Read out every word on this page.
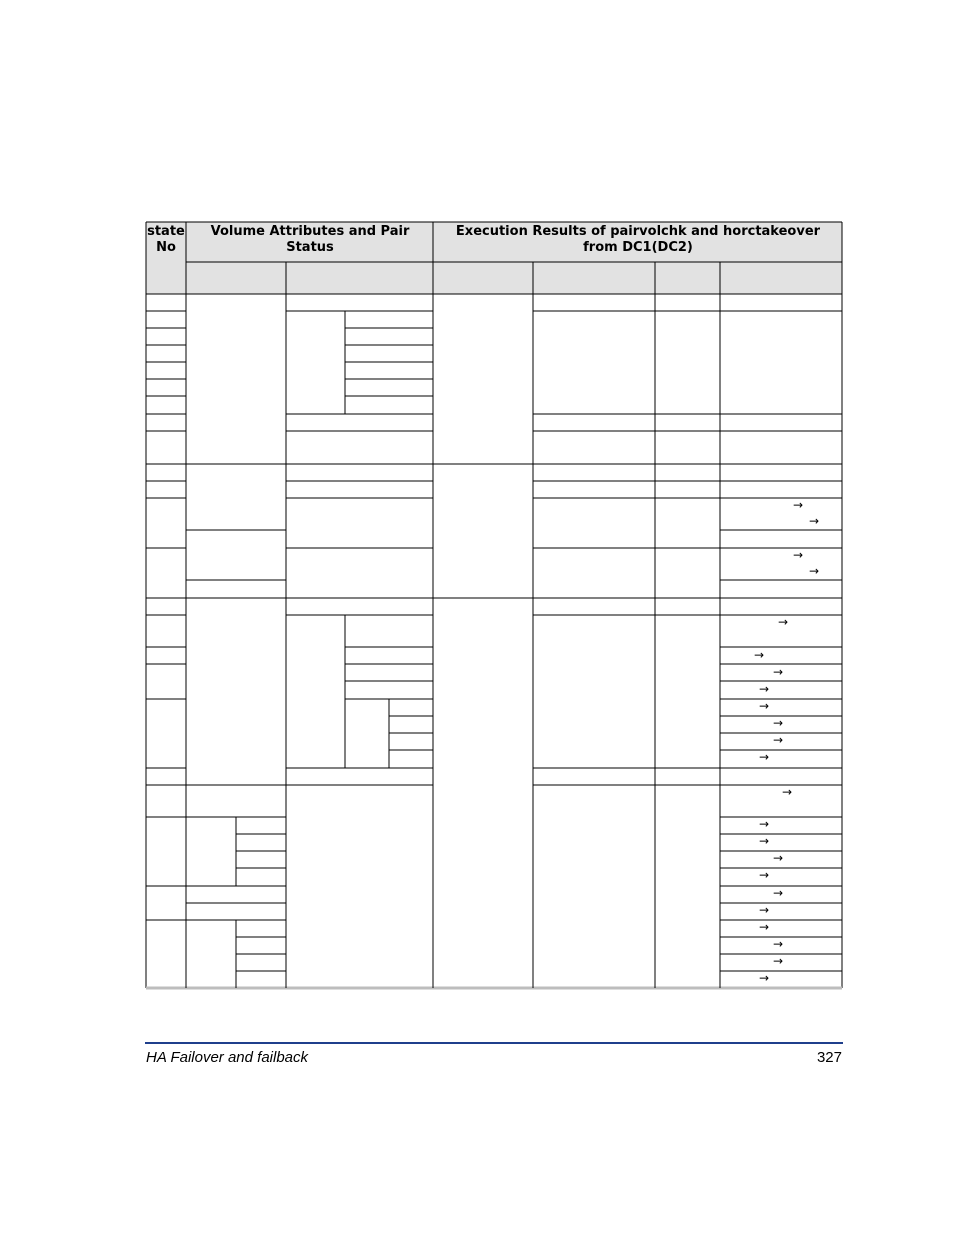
state No
Volume Attributes and Pair Status
Execution Results of pairvolchk and horctakeover from DC1(DC2)
→
→
→
→
→
→
→
→
→
→
→
→
→
→
→
→
→
→
→
→
→
→
→
HA Failover and failback	327
